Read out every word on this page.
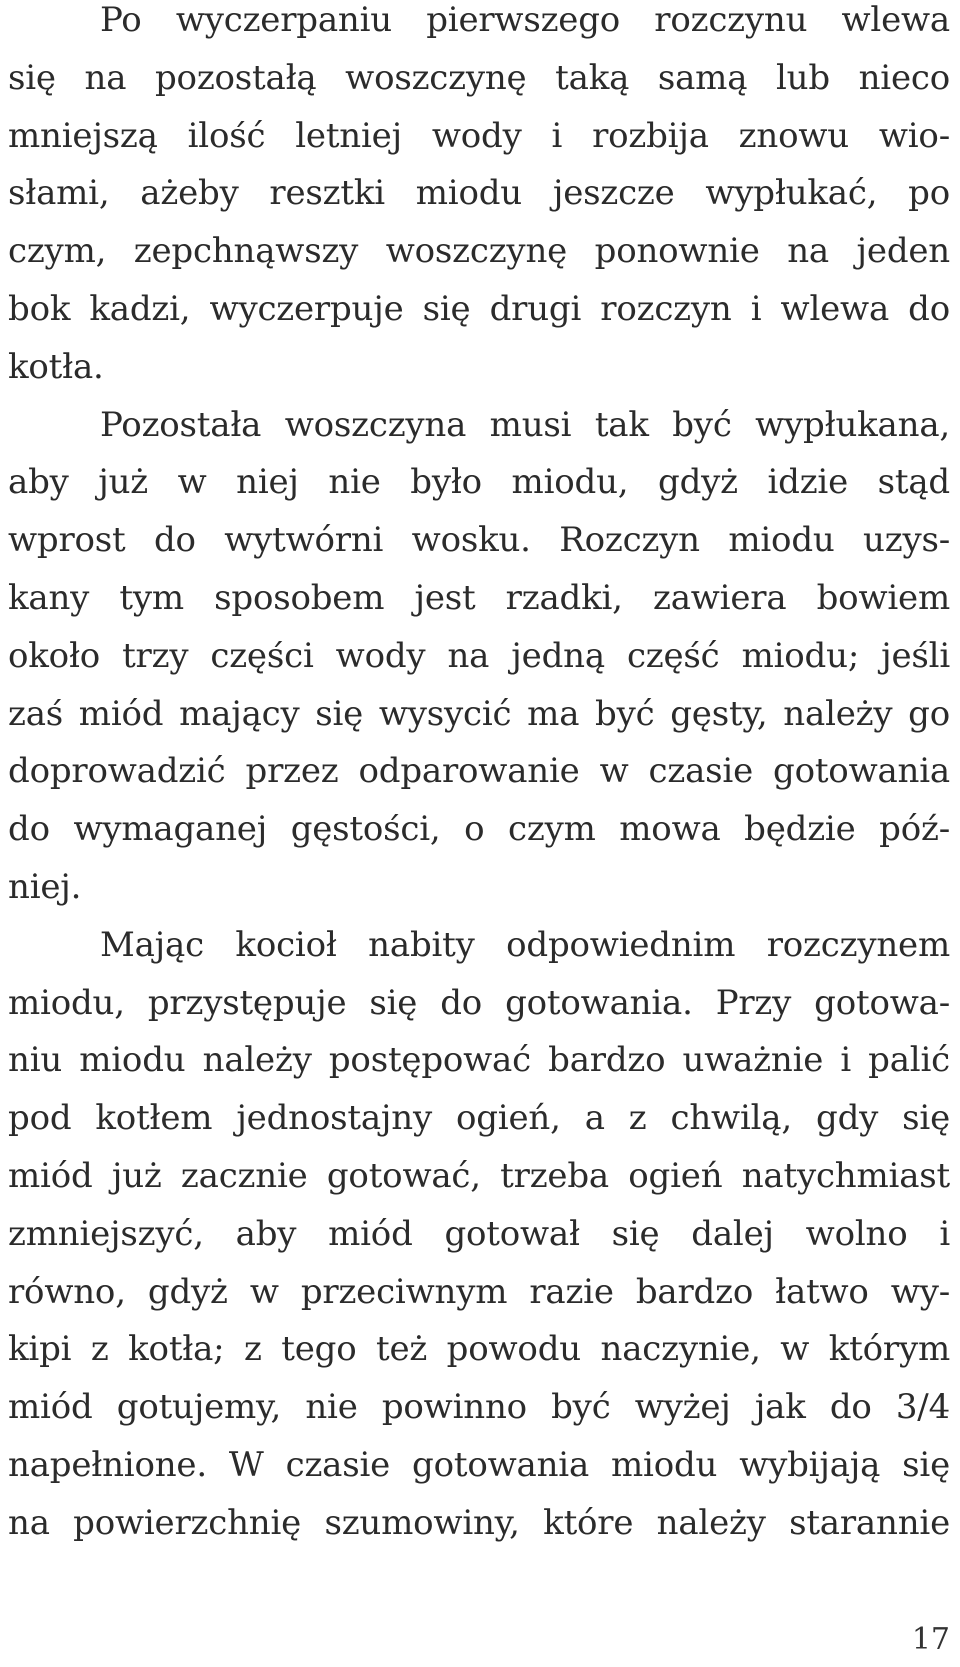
Po wyczerpaniu pierwszego rozczynu wlewa
się na pozostałą woszczynę taką samą lub nieco
mniejszą ilość letniej wody i rozbija znowu wio-
słami, ażeby resztki miodu jeszcze wypłukać, po
czym, zepchnąwszy woszczynę ponownie na jeden
bok kadzi, wyczerpuje się drugi rozczyn i wlewa do
kotła.
Pozostała woszczyna musi tak być wypłukana,
aby już w niej nie było miodu, gdyż idzie stąd
wprost do wytwórni wosku. Rozczyn miodu uzys-
kany tym sposobem jest rzadki, zawiera bowiem
około trzy części wody na jedną część miodu; jeśli
zaś miód mający się wysycić ma być gęsty, należy go
doprowadzić przez odparowanie w czasie gotowania
do wymaganej gęstości, o czym mowa będzie póź-
niej.
Mając kocioł nabity odpowiednim rozczynem
miodu, przystępuje się do gotowania. Przy gotowa-
niu miodu należy postępować bardzo uważnie i palić
pod kotłem jednostajny ogień, a z chwilą, gdy się
miód już zacznie gotować, trzeba ogień natychmiast
zmniejszyć, aby miód gotował się dalej wolno i
równo, gdyż w przeciwnym razie bardzo łatwo wy-
kipi z kotła; z tego też powodu naczynie, w którym
miód gotujemy, nie powinno być wyżej jak do 3/4
napełnione. W czasie gotowania miodu wybijają się
na powierzchnię szumowiny, które należy starannie
17
